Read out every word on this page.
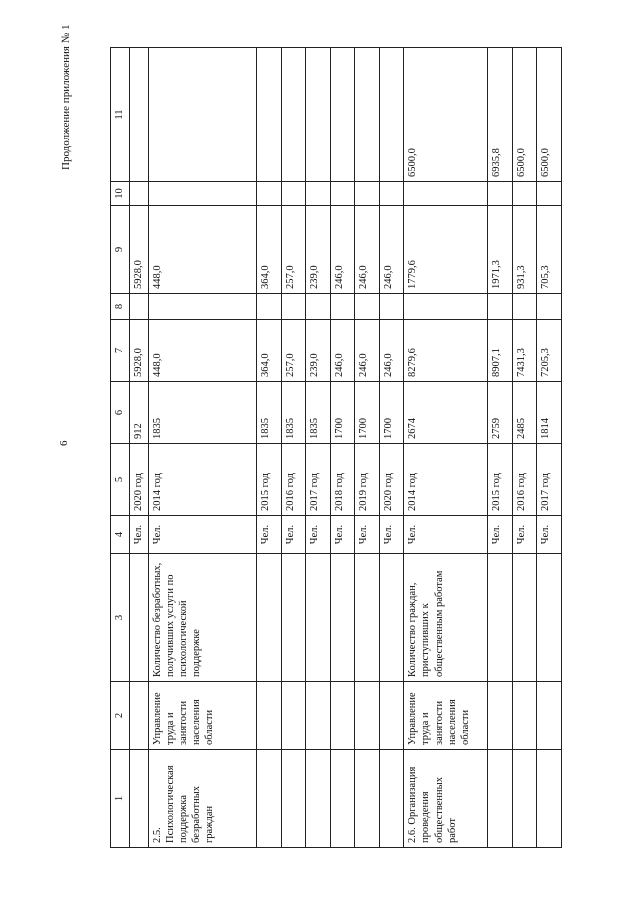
6
Продолжение приложения № 1
1	2	3	4	5	6	7	8	9	10	11
			Чел.	2020 год	912	5928,0		5928,0		
2.5. Психологическая поддержка безработных граждан	Управление труда и занятости населения области	Количество безработных, получивших услуги по психологической поддержке	Чел.	2014 год	1835	448,0		448,0		
			Чел.	2015 год	1835	364,0		364,0		
			Чел.	2016 год	1835	257,0		257,0		
			Чел.	2017 год	1835	239,0		239,0		
			Чел.	2018 год	1700	246,0		246,0		
			Чел.	2019 год	1700	246,0		246,0		
			Чел.	2020 год	1700	246,0		246,0		
2.6. Организация проведения общественных работ	Управление труда и занятости населения области	Количество граждан, приступивших к общественным работам	Чел.	2014 год	2674	8279,6		1779,6		6500,0
			Чел.	2015 год	2759	8907,1		1971,3		6935,8
			Чел.	2016 год	2485	7431,3		931,3		6500,0
			Чел.	2017 год	1814	7205,3		705,3		6500,0
